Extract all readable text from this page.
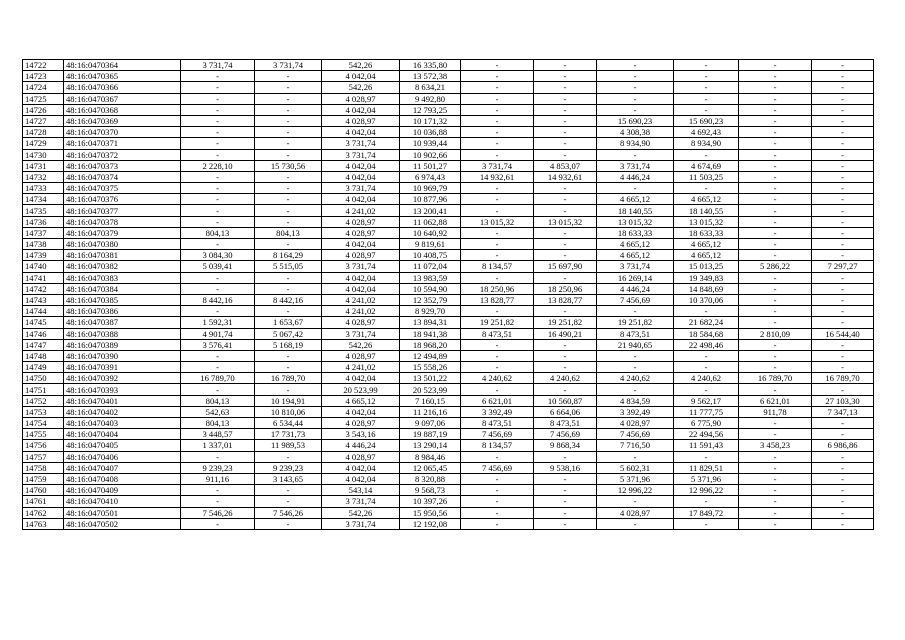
14722	48:16:0470364	3 731,74	3 731,74	542,26	16 335,80	-	-	-	-	-	-
14723	48:16:0470365	-	-	4 042,04	13 572,38	-	-	-	-	-	-
14724	48:16:0470366	-	-	542,26	8 634,21	-	-	-	-	-	-
14725	48:16:0470367	-	-	4 028,97	9 492,80	-	-	-	-	-	-
14726	48:16:0470368	-	-	4 042,04	12 793,25	-	-	-	-	-	-
14727	48:16:0470369	-	-	4 028,97	10 171,32	-	-	15 690,23	15 690,23	-	-
14728	48:16:0470370	-	-	4 042,04	10 036,88	-	-	4 308,38	4 692,43	-	-
14729	48:16:0470371	-	-	3 731,74	10 939,44	-	-	8 934,90	8 934,90	-	-
14730	48:16:0470372	-	-	3 731,74	10 902,66	-	-	-	-	-	-
14731	48:16:0470373	2 228,10	15 730,56	4 042,04	11 501,27	3 731,74	4 853,07	3 731,74	4 674,69	-	-
14732	48:16:0470374	-	-	4 042,04	6 974,43	14 932,61	14 932,61	4 446,24	11 503,25	-	-
14733	48:16:0470375	-	-	3 731,74	10 969,79	-	-	-	-	-	-
14734	48:16:0470376	-	-	4 042,04	10 877,96	-	-	4 665,12	4 665,12	-	-
14735	48:16:0470377	-	-	4 241,02	13 200,41	-	-	18 140,55	18 140,55	-	-
14736	48:16:0470378	-	-	4 028,97	11 062,88	13 015,32	13 015,32	13 015,32	13 015,32	-	-
14737	48:16:0470379	804,13	804,13	4 028,97	10 640,92	-	-	18 633,33	18 633,33	-	-
14738	48:16:0470380	-	-	4 042,04	9 819,61	-	-	4 665,12	4 665,12	-	-
14739	48:16:0470381	3 084,30	8 164,29	4 028,97	10 408,75	-	-	4 665,12	4 665,12	-	-
14740	48:16:0470382	5 039,41	5 515,05	3 731,74	11 072,04	8 134,57	15 697,90	3 731,74	15 013,25	5 286,22	7 297,27
14741	48:16:0470383	-	-	4 042,04	13 983,59	-	-	16 269,14	19 349,83	-	-
14742	48:16:0470384	-	-	4 042,04	10 594,90	18 250,96	18 250,96	4 446,24	14 848,69	-	-
14743	48:16:0470385	8 442,16	8 442,16	4 241,02	12 352,79	13 828,77	13 828,77	7 456,69	10 370,06	-	-
14744	48:16:0470386	-	-	4 241,02	8 929,70	-	-	-	-	-	-
14745	48:16:0470387	1 592,31	1 653,67	4 028,97	13 894,31	19 251,82	19 251,82	19 251,82	21 682,24	-	-
14746	48:16:0470388	4 901,74	5 067,42	3 731,74	18 941,38	8 473,51	16 490,21	8 473,51	18 584,68	2 810,09	16 544,40
14747	48:16:0470389	3 576,41	5 168,19	542,26	18 968,20	-	-	21 940,65	22 498,46	-	-
14748	48:16:0470390	-	-	4 028,97	12 494,89	-	-	-	-	-	-
14749	48:16:0470391	-	-	4 241,02	15 558,26	-	-	-	-	-	-
14750	48:16:0470392	16 789,70	16 789,70	4 042,04	13 501,22	4 240,62	4 240,62	4 240,62	4 240,62	16 789,70	16 789,70
14751	48:16:0470393	-	-	20 523,99	20 523,99	-	-	-	-	-	-
14752	48:16:0470401	804,13	10 194,91	4 665,12	7 160,15	6 621,01	10 560,87	4 834,59	9 562,17	6 621,01	27 103,30
14753	48:16:0470402	542,63	10 810,06	4 042,04	11 216,16	3 392,49	6 664,06	3 392,49	11 777,75	911,78	7 347,13
14754	48:16:0470403	804,13	6 534,44	4 028,97	9 097,06	8 473,51	8 473,51	4 028,97	6 775,90	-	-
14755	48:16:0470404	3 448,57	17 731,73	3 543,16	19 887,19	7 456,69	7 456,69	7 456,69	22 494,56	-	-
14756	48:16:0470405	1 337,01	11 989,53	4 446,24	13 290,14	8 134,57	9 868,34	7 716,50	11 591,43	3 458,23	6 986,86
14757	48:16:0470406	-	-	4 028,97	8 984,46	-	-	-	-	-	-
14758	48:16:0470407	9 239,23	9 239,23	4 042,04	12 065,45	7 456,69	9 538,16	5 602,31	11 829,51	-	-
14759	48:16:0470408	911,16	3 143,65	4 042,04	8 320,88	-	-	5 371,96	5 371,96	-	-
14760	48:16:0470409	-	-	543,14	9 568,73	-	-	12 996,22	12 996,22	-	-
14761	48:16:0470410	-	-	3 731,74	10 397,26	-	-	-	-	-	-
14762	48:16:0470501	7 546,26	7 546,26	542,26	15 950,56	-	-	4 028,97	17 849,72	-	-
14763	48:16:0470502	-	-	3 731,74	12 192,08	-	-	-	-	-	-
